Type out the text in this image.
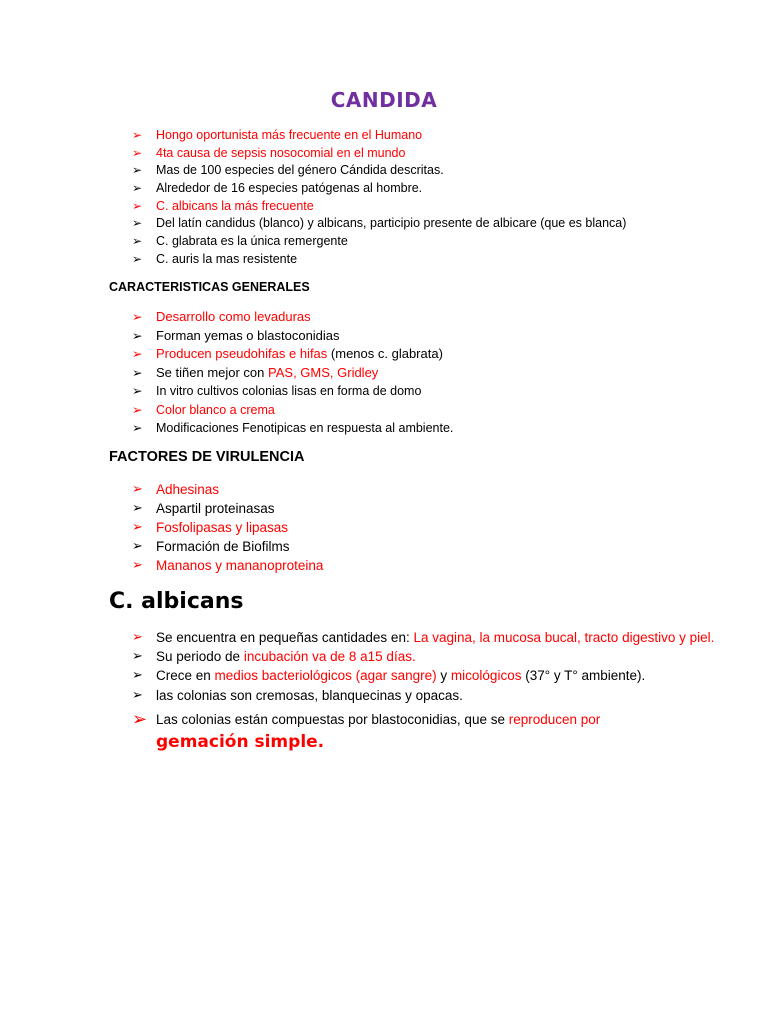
CANDIDA
➢ Hongo oportunista más frecuente en el Humano
➢ 4ta causa de sepsis nosocomial en el mundo
➢ Mas de 100 especies del género Cándida descritas.
➢ Alrededor de 16 especies patógenas al hombre.
➢ C. albicans la más frecuente
➢ Del latín candidus (blanco) y albicans, participio presente de albicare (que es blanca)
➢ C. glabrata es la única remergente
➢ C. auris la mas resistente
CARACTERISTICAS GENERALES
➢ Desarrollo como levaduras
➢ Forman yemas o blastoconidias
➢ Producen pseudohifas e hifas (menos c. glabrata)
➢ Se tiñen mejor con PAS, GMS, Gridley
➢ In vitro cultivos colonias lisas en forma de domo
➢ Color blanco a crema
➢ Modificaciones Fenotipicas en respuesta al ambiente.
FACTORES DE VIRULENCIA
➢ Adhesinas
➢ Aspartil proteinasas
➢ Fosfolipasas y lipasas
➢ Formación de Biofilms
➢ Mananos y mananoproteina
C. albicans
➢ Se encuentra en pequeñas cantidades en: La vagina, la mucosa bucal, tracto digestivo y piel.
➢ Su periodo de incubación va de 8 a15 días.
➢ Crece en medios bacteriológicos (agar sangre) y micológicos (37° y T° ambiente).
➢ las colonias son cremosas, blanquecinas y opacas.
➢ Las colonias están compuestas por blastoconidias, que se reproducen por
gemación simple.
